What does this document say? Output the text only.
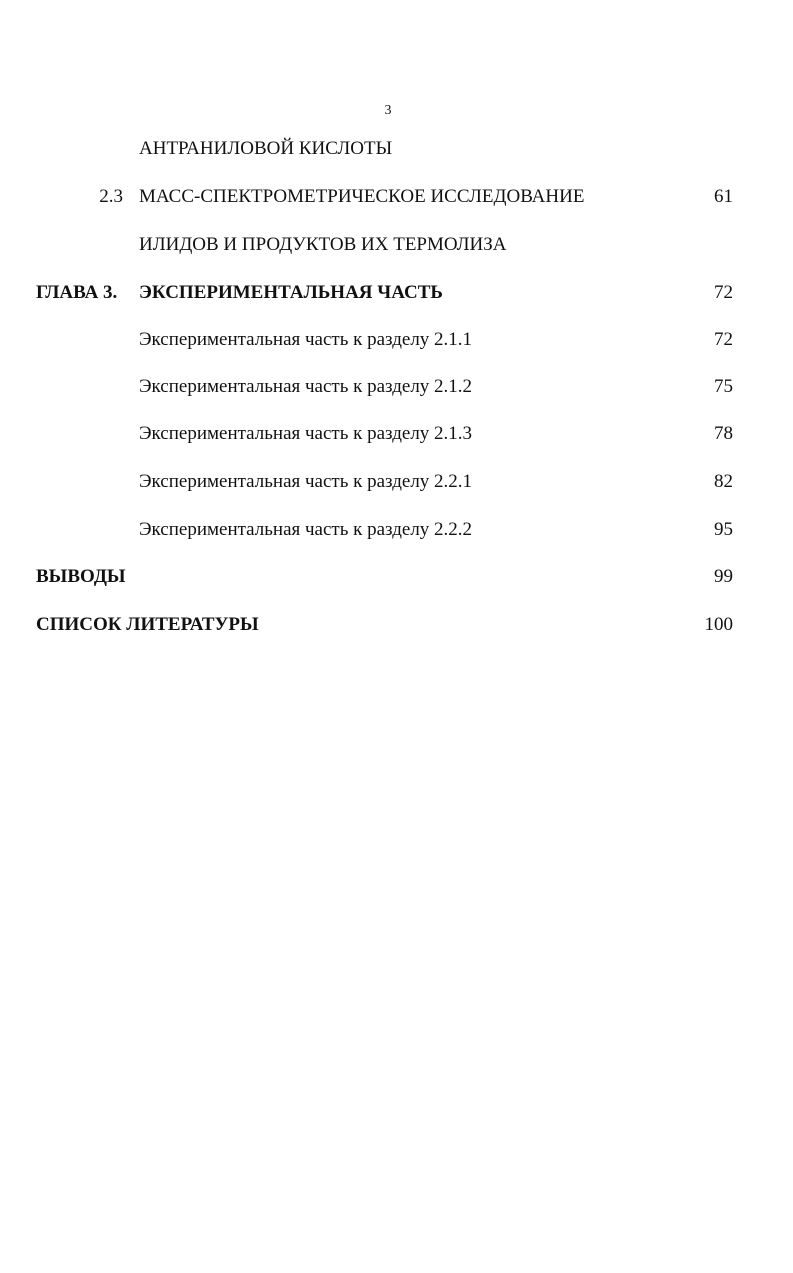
3
АНТРАНИЛОВОЙ КИСЛОТЫ
2.3 МАСС-СПЕКТРОМЕТРИЧЕСКОЕ ИССЛЕДОВАНИЕ	61
ИЛИДОВ И ПРОДУКТОВ ИХ ТЕРМОЛИЗА
ГЛАВА 3. ЭКСПЕРИМЕНТАЛЬНАЯ ЧАСТЬ	72
Экспериментальная часть к разделу 2.1.1	72
Экспериментальная часть к разделу 2.1.2	75
Экспериментальная часть к разделу 2.1.3	78
Экспериментальная часть к разделу 2.2.1	82
Экспериментальная часть к разделу 2.2.2	95
ВЫВОДЫ	99
СПИСОК ЛИТЕРАТУРЫ	100
